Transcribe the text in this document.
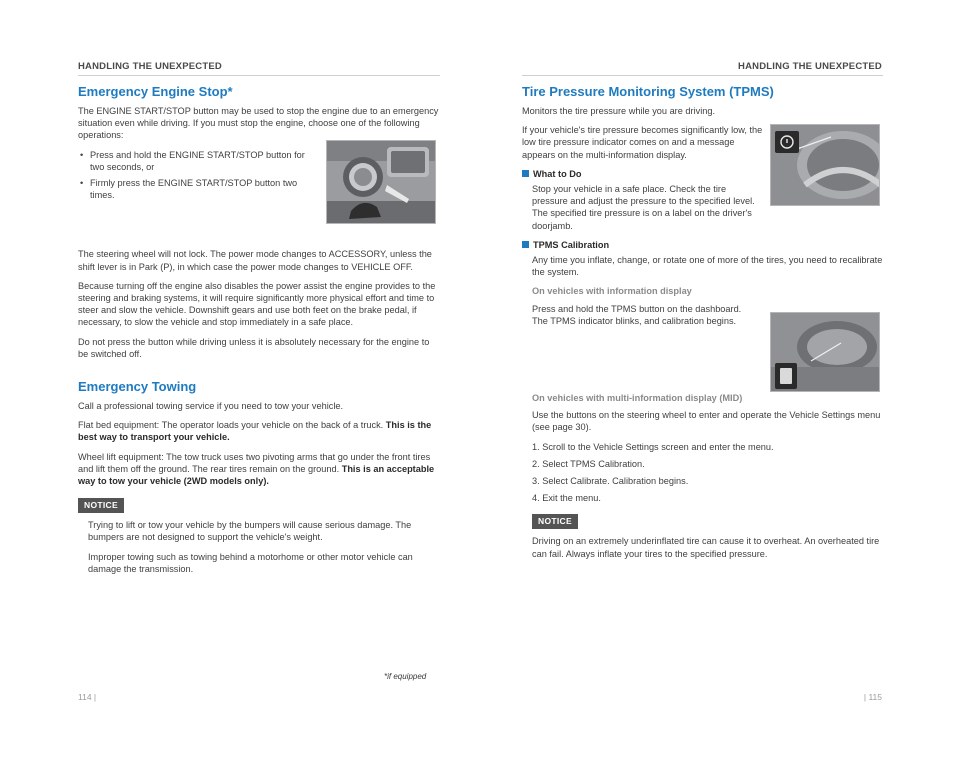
HANDLING THE UNEXPECTED
Emergency Engine Stop*

The ENGINE START/STOP button may be used to stop the engine due to an emergency situation even while driving. If you must stop the engine, choose one of the following operations:

• Press and hold the ENGINE START/STOP button for two seconds, or
• Firmly press the ENGINE START/STOP button two times.

The steering wheel will not lock. The power mode changes to ACCESSORY, unless the shift lever is in Park (P), in which case the power mode changes to VEHICLE OFF.

Because turning off the engine also disables the power assist the engine provides to the steering and braking systems, it will require significantly more physical effort and time to steer and slow the vehicle. Downshift gears and use both feet on the brake pedal, if necessary, to slow the vehicle and stop immediately in a safe place.

Do not press the button while driving unless it is absolutely necessary for the engine to be switched off.

Emergency Towing

Call a professional towing service if you need to tow your vehicle.

Flat bed equipment: The operator loads your vehicle on the back of a truck. This is the best way to transport your vehicle.

Wheel lift equipment: The tow truck uses two pivoting arms that go under the front tires and lift them off the ground. The rear tires remain on the ground. This is an acceptable way to tow your vehicle (2WD models only).

NOTICE

Trying to lift or tow your vehicle by the bumpers will cause serious damage. The bumpers are not designed to support the vehicle's weight.

Improper towing such as towing behind a motorhome or other motor vehicle can damage the transmission.

*if equipped
114 |
HANDLING THE UNEXPECTED
Tire Pressure Monitoring System (TPMS)

Monitors the tire pressure while you are driving.

If your vehicle's tire pressure becomes significantly low, the low tire pressure indicator comes on and a message appears on the multi-information display.

What to Do

Stop your vehicle in a safe place. Check the tire pressure and adjust the pressure to the specified level. The specified tire pressure is on a label on the driver's doorjamb.

TPMS Calibration

Any time you inflate, change, or rotate one of more of the tires, you need to recalibrate the system.

On vehicles with information display

Press and hold the TPMS button on the dashboard. The TPMS indicator blinks, and calibration begins.

On vehicles with multi-information display (MID)

Use the buttons on the steering wheel to enter and operate the Vehicle Settings menu (see page 30).

1. Scroll to the Vehicle Settings screen and enter the menu.
2. Select TPMS Calibration.
3. Select Calibrate. Calibration begins.
4. Exit the menu.
NOTICE

Driving on an extremely underinflated tire can cause it to overheat. An overheated tire can fail. Always inflate your tires to the specified pressure.

| 115
